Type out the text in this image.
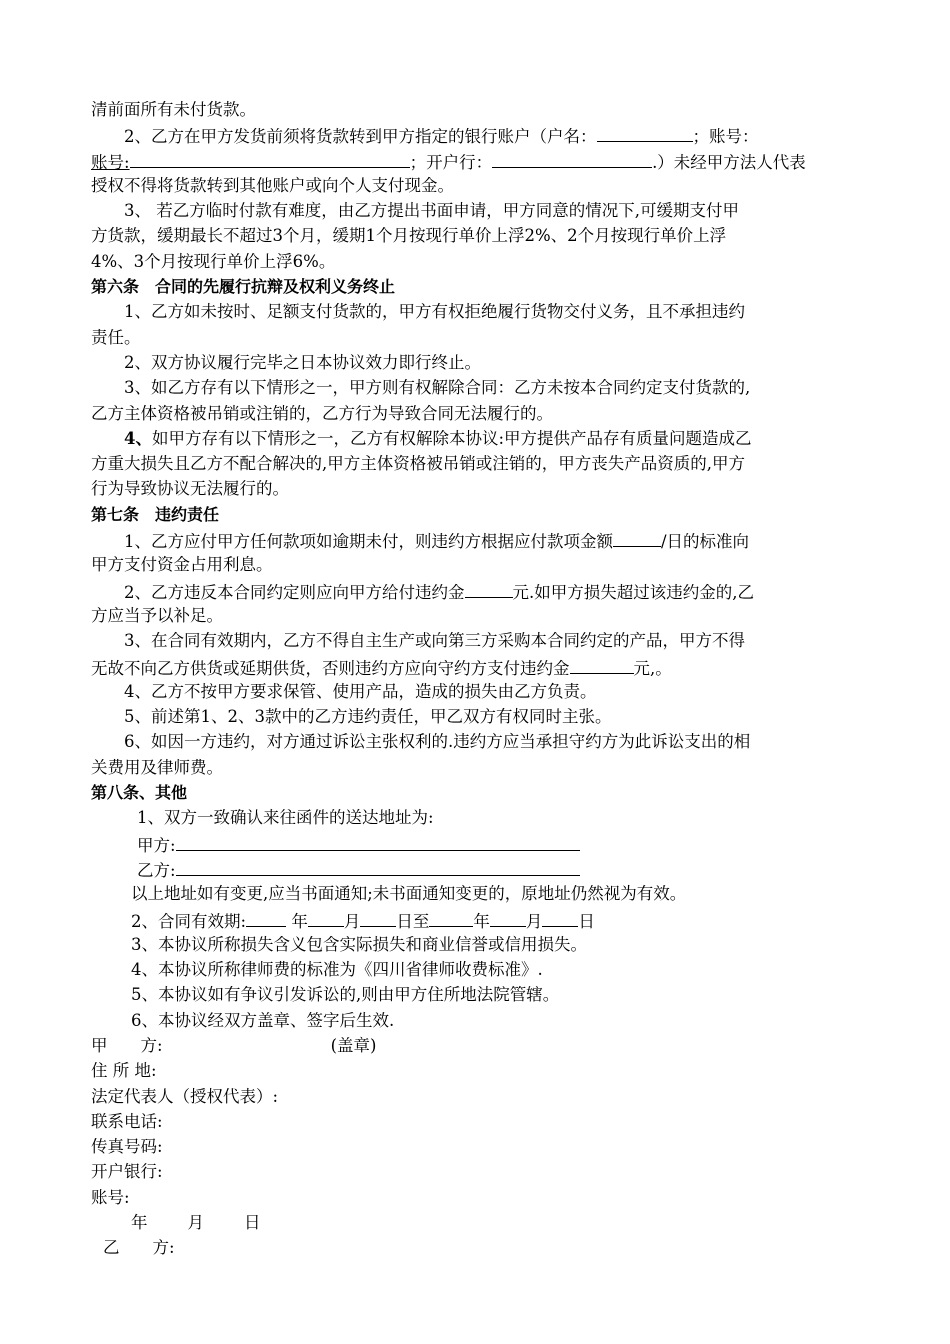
清前面所有未付货款。
2、乙方在甲方发货前须将货款转到甲方指定的银行账户（户名：	；账号：
账号:	；开户行：	.）未经甲方法人代表
授权不得将货款转到其他账户或向个人支付现金。
3、 若乙方临时付款有难度，由乙方提出书面申请，甲方同意的情况下,可缓期支付甲
方货款，缓期最长不超过3个月，缓期1个月按现行单价上浮2%、2个月按现行单价上浮
4%、3个月按现行单价上浮6%。
第六条　合同的先履行抗辩及权利义务终止
1、乙方如未按时、足额支付货款的，甲方有权拒绝履行货物交付义务，且不承担违约
责任。
2、双方协议履行完毕之日本协议效力即行终止。
3、如乙方存有以下情形之一，甲方则有权解除合同：乙方未按本合同约定支付货款的,
乙方主体资格被吊销或注销的，乙方行为导致合同无法履行的。
4、如甲方存有以下情形之一，乙方有权解除本协议:甲方提供产品存有质量问题造成乙
方重大损失且乙方不配合解决的,甲方主体资格被吊销或注销的，甲方丧失产品资质的,甲方
行为导致协议无法履行的。
第七条　违约责任
1、乙方应付甲方任何款项如逾期未付，则违约方根据应付款项金额	/日的标准向
甲方支付资金占用利息。
2、乙方违反本合同约定则应向甲方给付违约金	元.如甲方损失超过该违约金的,乙
方应当予以补足。
3、在合同有效期内，乙方不得自主生产或向第三方采购本合同约定的产品，甲方不得
无故不向乙方供货或延期供货，否则违约方应向守约方支付违约金	元,。
4、乙方不按甲方要求保管、使用产品，造成的损失由乙方负责。
5、前述第1、2、3款中的乙方违约责任，甲乙双方有权同时主张。
6、如因一方违约，对方通过诉讼主张权利的.违约方应当承担守约方为此诉讼支出的相
关费用及律师费。
第八条、其他
1、双方一致确认来往函件的送达地址为:
甲方:
乙方:
以上地址如有变更,应当书面通知;未书面通知变更的，原地址仍然视为有效。
2、合同有效期:	年 月 日至	年 月 日
3、本协议所称损失含义包含实际损失和商业信誉或信用损失。
4、本协议所称律师费的标准为《四川省律师收费标准》.
5、本协议如有争议引发诉讼的,则由甲方住所地法院管辖。
6、本协议经双方盖章、签字后生效.
甲　　方:	(盖章)
住 所 地:
法定代表人（授权代表）:
联系电话:
传真号码:
开户银行:
账号:
年 月 日
乙　　方:
